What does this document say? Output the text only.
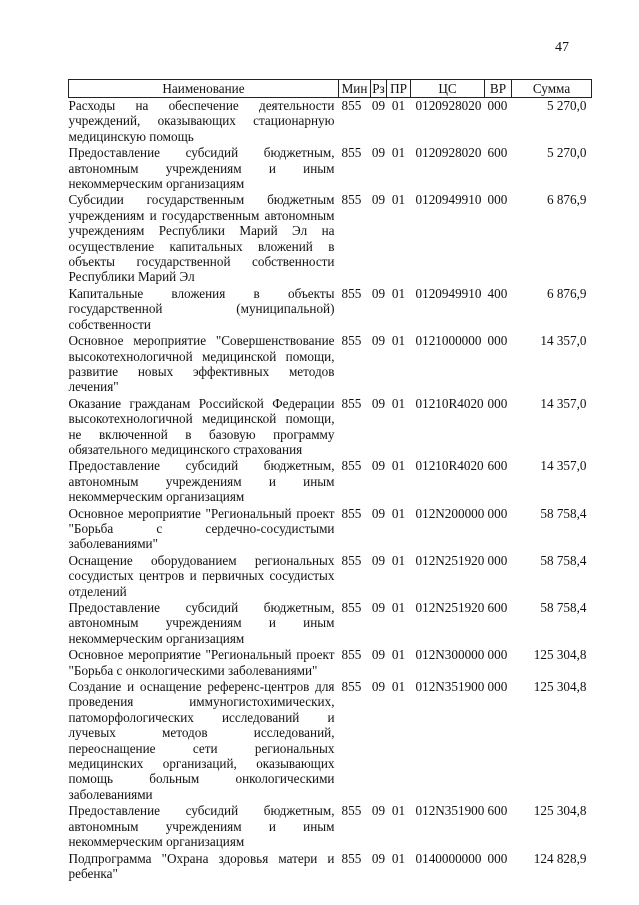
47
Наименование	Мин	Рз	ПР	ЦС	ВР	Сумма
Расходы на обеспечение деятельности учреждений, оказывающих стационарную медицинскую помощь	855	09	01	0120928020	000	5 270,0
Предоставление субсидий бюджетным, автономным учреждениям и иным некоммерческим организациям	855	09	01	0120928020	600	5 270,0
Субсидии государственным бюджетным учреждениям и государственным автономным учреждениям Республики Марий Эл на осуществление капитальных вложений в объекты государственной собственности Республики Марий Эл	855	09	01	0120949910	000	6 876,9
Капитальные вложения в объекты государственной (муниципальной) собственности	855	09	01	0120949910	400	6 876,9
Основное мероприятие "Совершенствование высокотехнологичной медицинской помощи, развитие новых эффективных методов лечения"	855	09	01	0121000000	000	14 357,0
Оказание гражданам Российской Федерации высокотехнологичной медицинской помощи, не включенной в базовую программу обязательного медицинского страхования	855	09	01	01210R4020	000	14 357,0
Предоставление субсидий бюджетным, автономным учреждениям и иным некоммерческим организациям	855	09	01	01210R4020	600	14 357,0
Основное мероприятие "Региональный проект "Борьба с сердечно-сосудистыми заболеваниями"	855	09	01	012N200000	000	58 758,4
Оснащение оборудованием региональных сосудистых центров и первичных сосудистых отделений	855	09	01	012N251920	000	58 758,4
Предоставление субсидий бюджетным, автономным учреждениям и иным некоммерческим организациям	855	09	01	012N251920	600	58 758,4
Основное мероприятие "Региональный проект "Борьба с онкологическими заболеваниями"	855	09	01	012N300000	000	125 304,8
Создание и оснащение референс-центров для проведения иммуногистохимических, патоморфологических исследований и лучевых методов исследований, переоснащение сети региональных медицинских организаций, оказывающих помощь больным онкологическими заболеваниями	855	09	01	012N351900	000	125 304,8
Предоставление субсидий бюджетным, автономным учреждениям и иным некоммерческим организациям	855	09	01	012N351900	600	125 304,8
Подпрограмма "Охрана здоровья матери и ребенка"	855	09	01	0140000000	000	124 828,9
